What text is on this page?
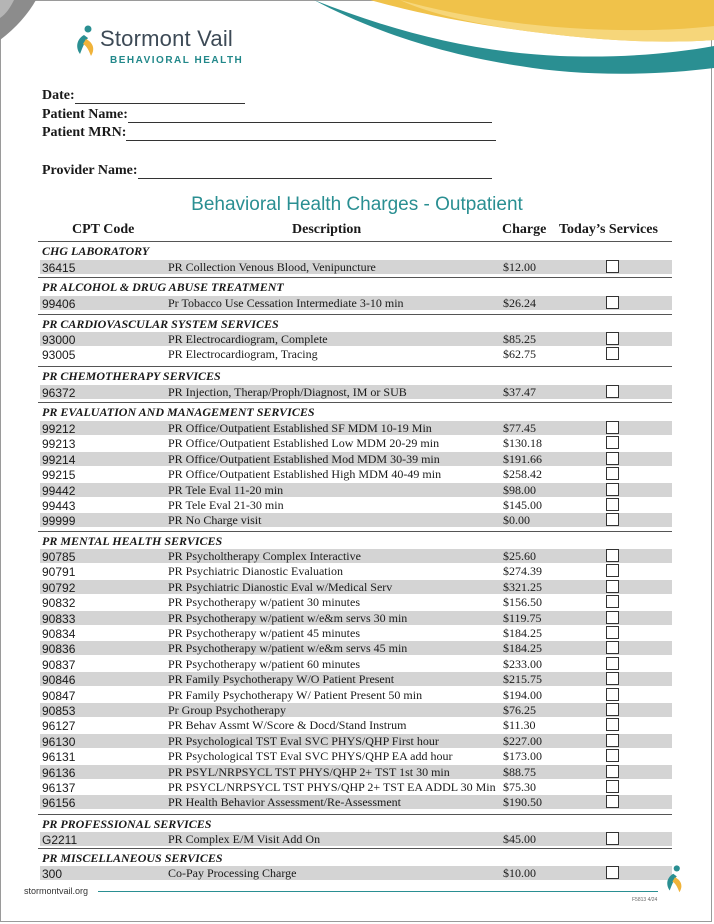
Stormont Vail
BEHAVIORAL HEALTH
Date:
Patient Name:
Patient MRN:
Provider Name:
Behavioral Health Charges - Outpatient
CPT Code	Description	Charge Today’s Services
CHG LABORATORY
36415	PR Collection Venous Blood, Venipuncture	$12.00
PR ALCOHOL & DRUG ABUSE TREATMENT
99406	Pr Tobacco Use Cessation Intermediate 3-10 min	$26.24
PR CARDIOVASCULAR SYSTEM SERVICES
93000	PR Electrocardiogram, Complete	$85.25
93005	PR Electrocardiogram, Tracing	$62.75
PR CHEMOTHERAPY SERVICES
96372	PR Injection, Therap/Proph/Diagnost, IM or SUB	$37.47
PR EVALUATION AND MANAGEMENT SERVICES
99212	PR Office/Outpatient Established SF MDM 10-19 Min	$77.45
99213	PR Office/Outpatient Established Low MDM 20-29 min	$130.18
99214	PR Office/Outpatient Established Mod MDM 30-39 min	$191.66
99215	PR Office/Outpatient Established High MDM 40-49 min	$258.42
99442	PR Tele Eval 11-20 min	$98.00
99443	PR Tele Eval 21-30 min	$145.00
99999	PR No Charge visit	$0.00
PR MENTAL HEALTH SERVICES
90785	PR Psycholtherapy Complex Interactive	$25.60
90791	PR Psychiatric Dianostic Evaluation	$274.39
90792	PR Psychiatric Dianostic Eval w/Medical Serv	$321.25
90832	PR Psychotherapy w/patient 30 minutes	$156.50
90833	PR Psychotherapy w/patient w/e&m servs 30 min	$119.75
90834	PR Psychotherapy w/patient 45 minutes	$184.25
90836	PR Psychotherapy w/patient w/e&m servs 45 min	$184.25
90837	PR Psychotherapy w/patient 60 minutes	$233.00
90846	PR Family Psychotherapy W/O Patient Present	$215.75
90847	PR Family Psychotherapy W/ Patient Present 50 min	$194.00
90853	Pr Group Psychotherapy	$76.25
96127	PR Behav Assmt W/Score & Docd/Stand Instrum	$11.30
96130	PR Psychological TST Eval SVC PHYS/QHP First hour	$227.00
96131	PR Psychological TST Eval SVC PHYS/QHP EA add hour	$173.00
96136	PR PSYL/NRPSYCL TST PHYS/QHP 2+ TST 1st 30 min	$88.75
96137	PR PSYCL/NRPSYCL TST PHYS/QHP 2+ TST EA ADDL 30 Min $75.30
96156	PR Health Behavior Assessment/Re-Assessment	$190.50
PR PROFESSIONAL SERVICES
G2211	PR Complex E/M Visit Add On	$45.00
PR MISCELLANEOUS SERVICES
300	Co-Pay Processing Charge	$10.00
stormontvail.org
F5813 4/24
